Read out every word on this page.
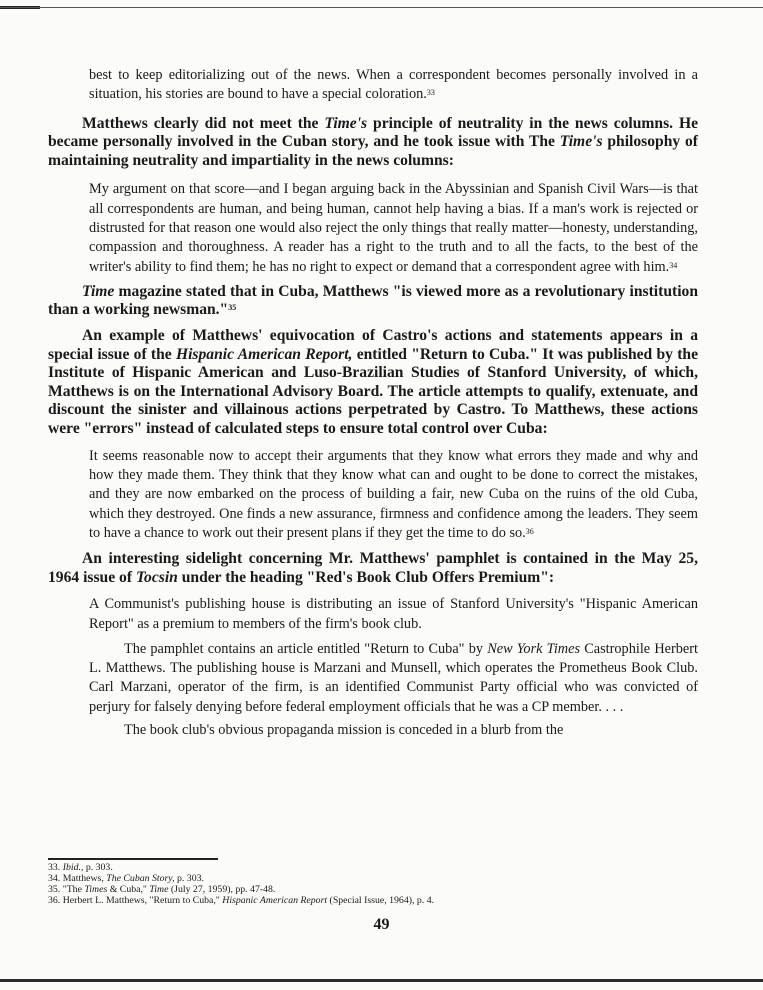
best to keep editorializing out of the news. When a correspondent becomes personally involved in a situation, his stories are bound to have a special coloration.$^{33}$

Matthews clearly did not meet the Time's principle of neutrality in the news columns. He became personally involved in the Cuban story, and he took issue with The Time's philosophy of maintaining neutrality and impartiality in the news columns:

My argument on that score—and I began arguing back in the Abyssinian and Spanish Civil Wars—is that all correspondents are human, and being human, cannot help having a bias. If a man's work is rejected or distrusted for that reason one would also reject the only things that really matter—honesty, understanding, compassion and thoroughness. A reader has a right to the truth and to all the facts, to the best of the writer's ability to find them; he has no right to expect or demand that a correspondent agree with him.$^{34}$

Time magazine stated that in Cuba, Matthews "is viewed more as a revolutionary institution than a working newsman."$^{35}$

An example of Matthews' equivocation of Castro's actions and statements appears in a special issue of the Hispanic American Report, entitled "Return to Cuba." It was published by the Institute of Hispanic American and Luso-Brazilian Studies of Stanford University, of which, Matthews is on the International Advisory Board. The article attempts to qualify, extenuate, and discount the sinister and villainous actions perpetrated by Castro. To Matthews, these actions were "errors" instead of calculated steps to ensure total control over Cuba:

It seems reasonable now to accept their arguments that they know what errors they made and why and how they made them. They think that they know what can and ought to be done to correct the mistakes, and they are now embarked on the process of building a fair, new Cuba on the ruins of the old Cuba, which they destroyed. One finds a new assurance, firmness and confidence among the leaders. They seem to have a chance to work out their present plans if they get the time to do so.$^{36}$

An interesting sidelight concerning Mr. Matthews' pamphlet is contained in the May 25, 1964 issue of Tocsin under the heading "Red's Book Club Offers Premium":

A Communist's publishing house is distributing an issue of Stanford University's "Hispanic American Report" as a premium to members of the firm's book club.

The pamphlet contains an article entitled "Return to Cuba" by New York Times Castrophile Herbert L. Matthews. The publishing house is Marzani and Munsell, which operates the Prometheus Book Club. Carl Marzani, operator of the firm, is an identified Communist Party official who was convicted of perjury for falsely denying before federal employment officials that he was a CP member. . . .

The book club's obvious propaganda mission is conceded in a blurb from the

33. Ibid., p. 303.
34. Matthews, The Cuban Story, p. 303.
35. "The Times & Cuba," Time (July 27, 1959), pp. 47-48.
36. Herbert L. Matthews, "Return to Cuba," Hispanic American Report (Special Issue, 1964), p. 4.
49
